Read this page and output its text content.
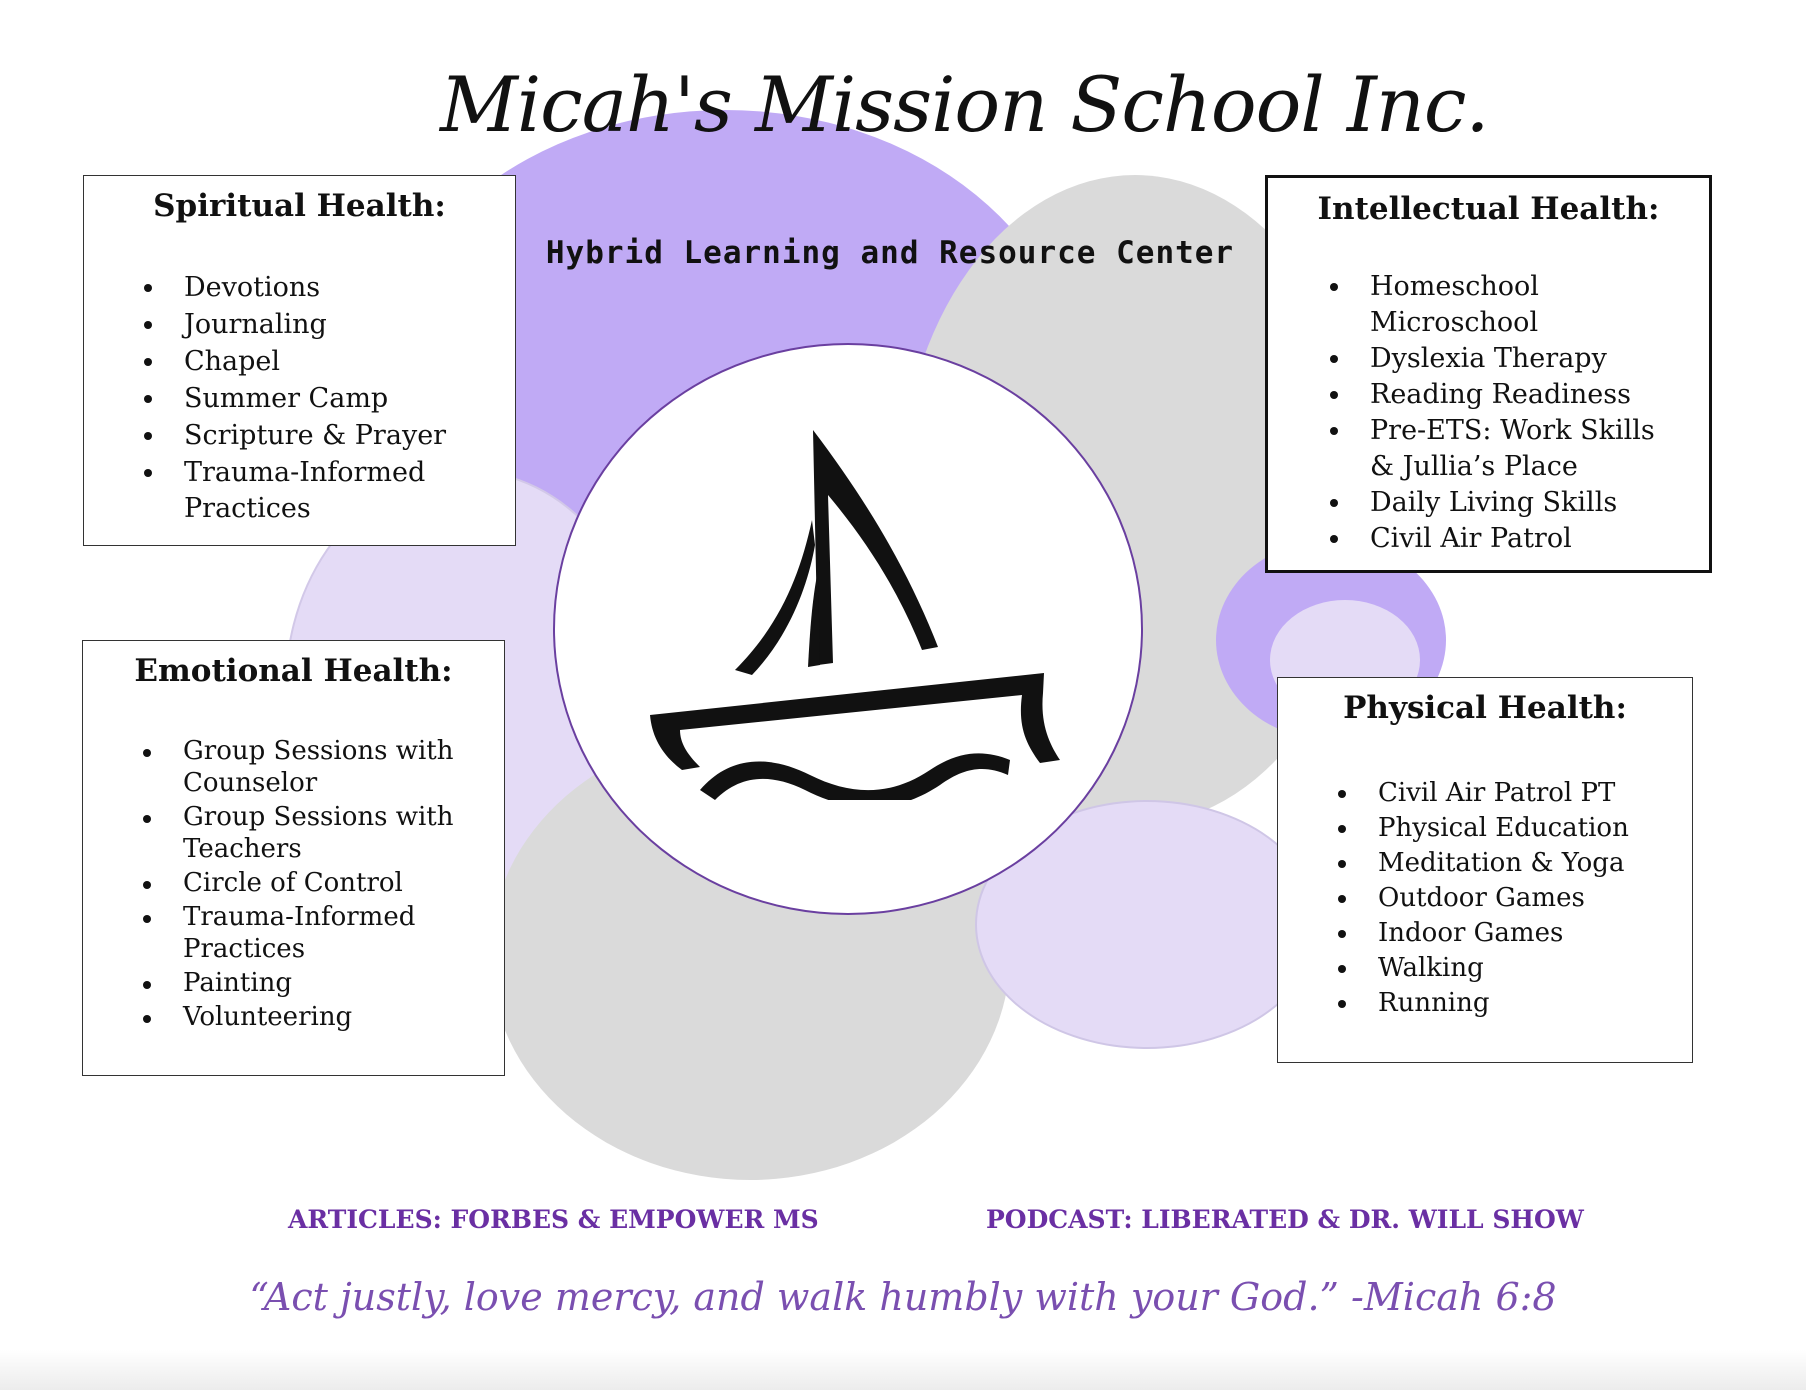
Micah's Mission School Inc.
Hybrid Learning and Resource Center
Spiritual Health:
Devotions
Journaling
Chapel
Summer Camp
Scripture & Prayer
Trauma-Informed Practices
Intellectual Health:
Homeschool Microschool
Dyslexia Therapy
Reading Readiness
Pre-ETS: Work Skills & Jullia’s Place
Daily Living Skills
Civil Air Patrol
Emotional Health:
Group Sessions with Counselor
Group Sessions with Teachers
Circle of Control
Trauma-Informed Practices
Painting
Volunteering
Physical Health:
Civil Air Patrol PT
Physical Education
Meditation & Yoga
Outdoor Games
Indoor Games
Walking
Running
ARTICLES: FORBES & EMPOWER MS	PODCAST: LIBERATED & DR. WILL SHOW
“Act justly, love mercy, and walk humbly with your God.” -Micah 6:8
